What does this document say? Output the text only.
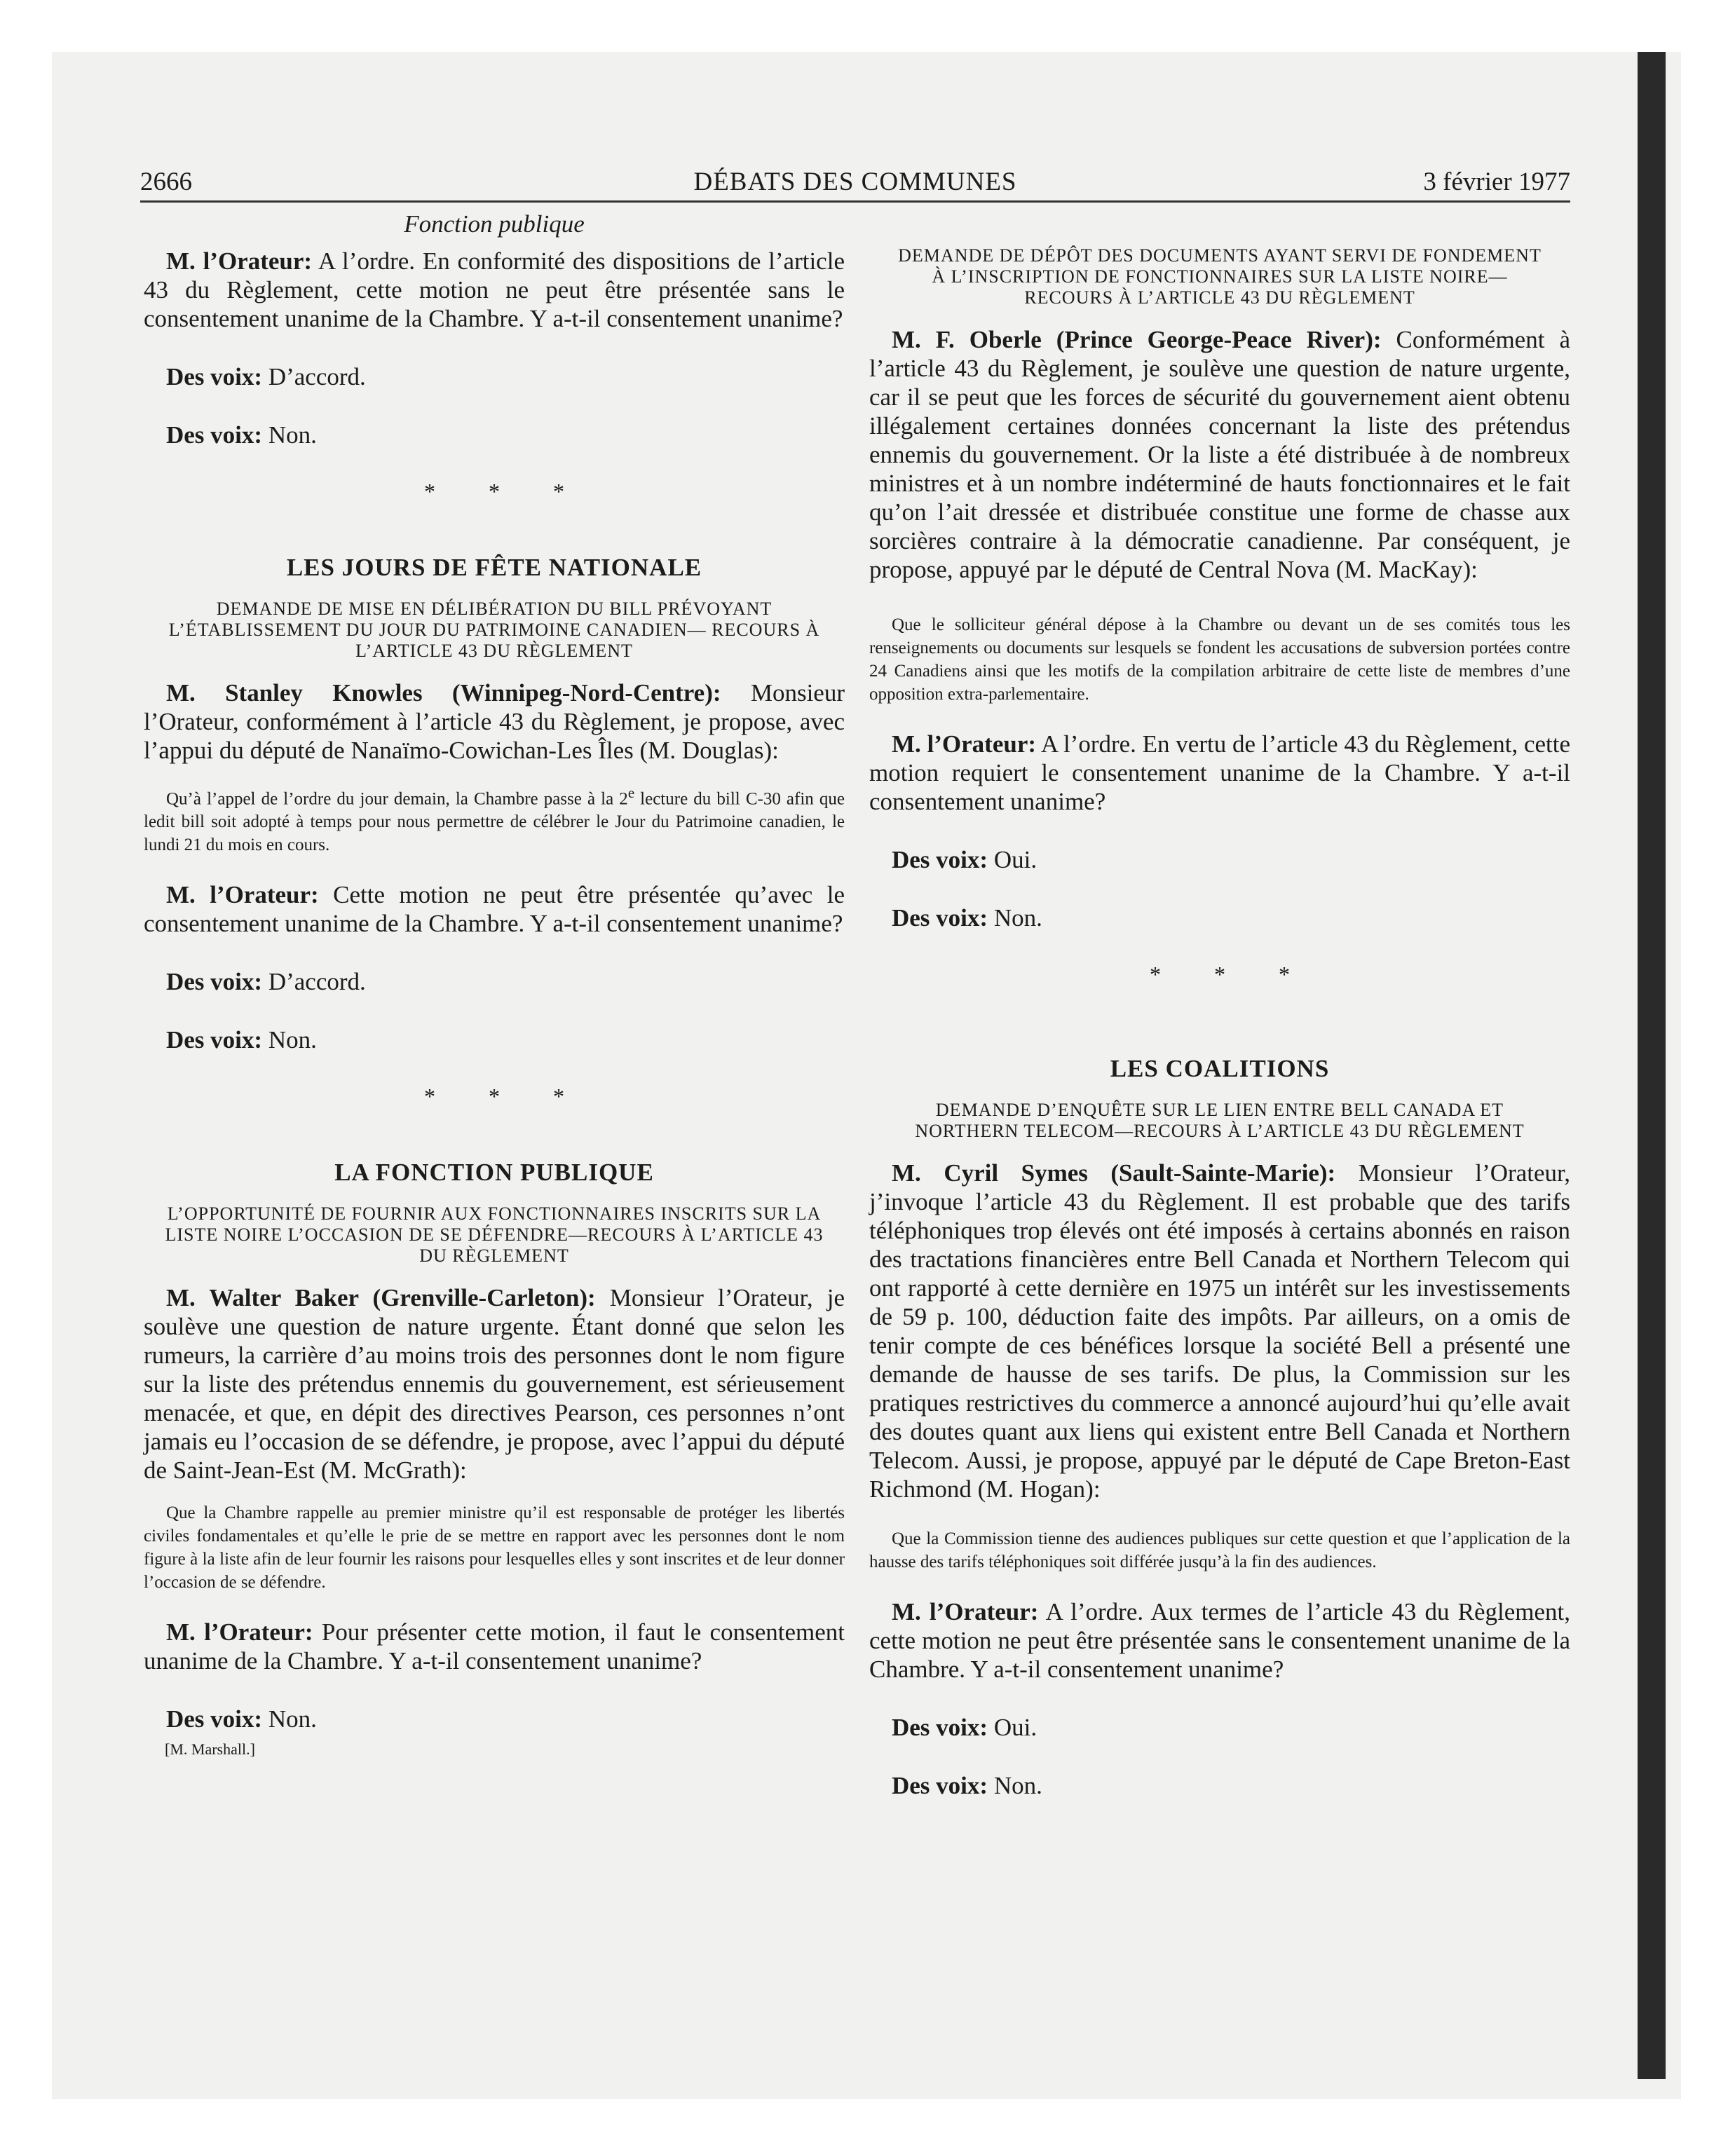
2666	DÉBATS DES COMMUNES	3 février 1977

Fonction publique

M. l’Orateur: A l’ordre. En conformité des dispositions de l’article 43 du Règlement, cette motion ne peut être présentée sans le consentement unanime de la Chambre. Y a-t-il consentement unanime?

Des voix: D’accord.

Des voix: Non.

* * *

LES JOURS DE FÊTE NATIONALE

DEMANDE DE MISE EN DÉLIBÉRATION DU BILL PRÉVOYANT L’ÉTABLISSEMENT DU JOUR DU PATRIMOINE CANADIEN— RECOURS À L’ARTICLE 43 DU RÈGLEMENT

M. Stanley Knowles (Winnipeg-Nord-Centre): Monsieur l’Orateur, conformément à l’article 43 du Règlement, je propose, avec l’appui du député de Nanaïmo-Cowichan-Les Îles (M. Douglas):

Qu’à l’appel de l’ordre du jour demain, la Chambre passe à la 2e lecture du bill C-30 afin que ledit bill soit adopté à temps pour nous permettre de célébrer le Jour du Patrimoine canadien, le lundi 21 du mois en cours.

M. l’Orateur: Cette motion ne peut être présentée qu’avec le consentement unanime de la Chambre. Y a-t-il consentement unanime?

Des voix: D’accord.

Des voix: Non.

* * *

LA FONCTION PUBLIQUE

L’OPPORTUNITÉ DE FOURNIR AUX FONCTIONNAIRES INSCRITS SUR LA LISTE NOIRE L’OCCASION DE SE DÉFENDRE—RECOURS À L’ARTICLE 43 DU RÈGLEMENT

M. Walter Baker (Grenville-Carleton): Monsieur l’Orateur, je soulève une question de nature urgente. Étant donné que selon les rumeurs, la carrière d’au moins trois des personnes dont le nom figure sur la liste des prétendus ennemis du gouvernement, est sérieusement menacée, et que, en dépit des directives Pearson, ces personnes n’ont jamais eu l’occasion de se défendre, je propose, avec l’appui du député de Saint-Jean-Est (M. McGrath):

Que la Chambre rappelle au premier ministre qu’il est responsable de protéger les libertés civiles fondamentales et qu’elle le prie de se mettre en rapport avec les personnes dont le nom figure à la liste afin de leur fournir les raisons pour lesquelles elles y sont inscrites et de leur donner l’occasion de se défendre.

M. l’Orateur: Pour présenter cette motion, il faut le consentement unanime de la Chambre. Y a-t-il consentement unanime?

Des voix: Non.

[M. Marshall.]

DEMANDE DE DÉPÔT DES DOCUMENTS AYANT SERVI DE FONDEMENT À L’INSCRIPTION DE FONCTIONNAIRES SUR LA LISTE NOIRE—RECOURS À L’ARTICLE 43 DU RÈGLEMENT

M. F. Oberle (Prince George-Peace River): Conformément à l’article 43 du Règlement, je soulève une question de nature urgente, car il se peut que les forces de sécurité du gouvernement aient obtenu illégalement certaines données concernant la liste des prétendus ennemis du gouvernement. Or la liste a été distribuée à de nombreux ministres et à un nombre indéterminé de hauts fonctionnaires et le fait qu’on l’ait dressée et distribuée constitue une forme de chasse aux sorcières contraire à la démocratie canadienne. Par conséquent, je propose, appuyé par le député de Central Nova (M. MacKay):

Que le solliciteur général dépose à la Chambre ou devant un de ses comités tous les renseignements ou documents sur lesquels se fondent les accusations de subversion portées contre 24 Canadiens ainsi que les motifs de la compilation arbitraire de cette liste de membres d’une opposition extra-parlementaire.

M. l’Orateur: A l’ordre. En vertu de l’article 43 du Règlement, cette motion requiert le consentement unanime de la Chambre. Y a-t-il consentement unanime?

Des voix: Oui.

Des voix: Non.

* * *

LES COALITIONS

DEMANDE D’ENQUÊTE SUR LE LIEN ENTRE BELL CANADA ET NORTHERN TELECOM—RECOURS À L’ARTICLE 43 DU RÈGLEMENT

M. Cyril Symes (Sault-Sainte-Marie): Monsieur l’Orateur, j’invoque l’article 43 du Règlement. Il est probable que des tarifs téléphoniques trop élevés ont été imposés à certains abonnés en raison des tractations financières entre Bell Canada et Northern Telecom qui ont rapporté à cette dernière en 1975 un intérêt sur les investissements de 59 p. 100, déduction faite des impôts. Par ailleurs, on a omis de tenir compte de ces bénéfices lorsque la société Bell a présenté une demande de hausse de ses tarifs. De plus, la Commission sur les pratiques restrictives du commerce a annoncé aujourd’hui qu’elle avait des doutes quant aux liens qui existent entre Bell Canada et Northern Telecom. Aussi, je propose, appuyé par le député de Cape Breton-East Richmond (M. Hogan):

Que la Commission tienne des audiences publiques sur cette question et que l’application de la hausse des tarifs téléphoniques soit différée jusqu’à la fin des audiences.

M. l’Orateur: A l’ordre. Aux termes de l’article 43 du Règlement, cette motion ne peut être présentée sans le consentement unanime de la Chambre. Y a-t-il consentement unanime?

Des voix: Oui.

Des voix: Non.
